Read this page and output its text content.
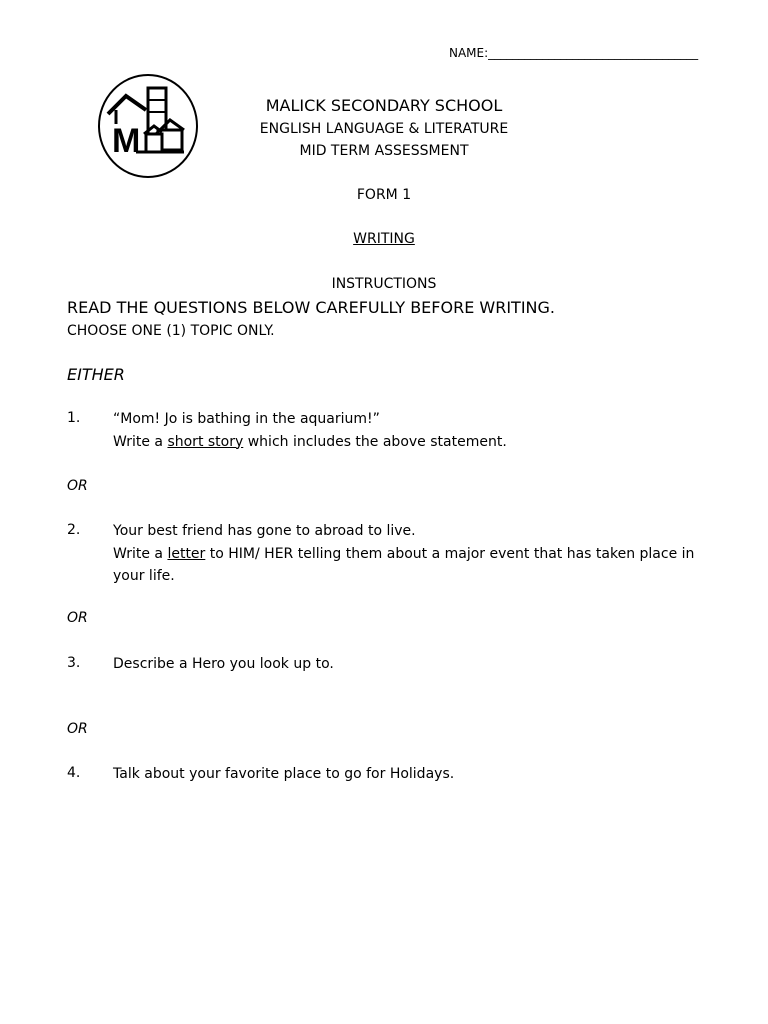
NAME:___________________________________
M
MALICK SECONDARY SCHOOL
ENGLISH LANGUAGE & LITERATURE
MID TERM ASSESSMENT
FORM 1
WRITING
INSTRUCTIONS
READ THE QUESTIONS BELOW CAREFULLY BEFORE WRITING.
CHOOSE ONE (1) TOPIC ONLY.
EITHER
1. “Mom! Jo is bathing in the aquarium!”
Write a short story which includes the above statement.
OR
2. Your best friend has gone to abroad to live.
Write a letter to HIM/ HER telling them about a major event that has taken place in your life.
OR
3. Describe a Hero you look up to.
OR
4. Talk about your favorite place to go for Holidays.
